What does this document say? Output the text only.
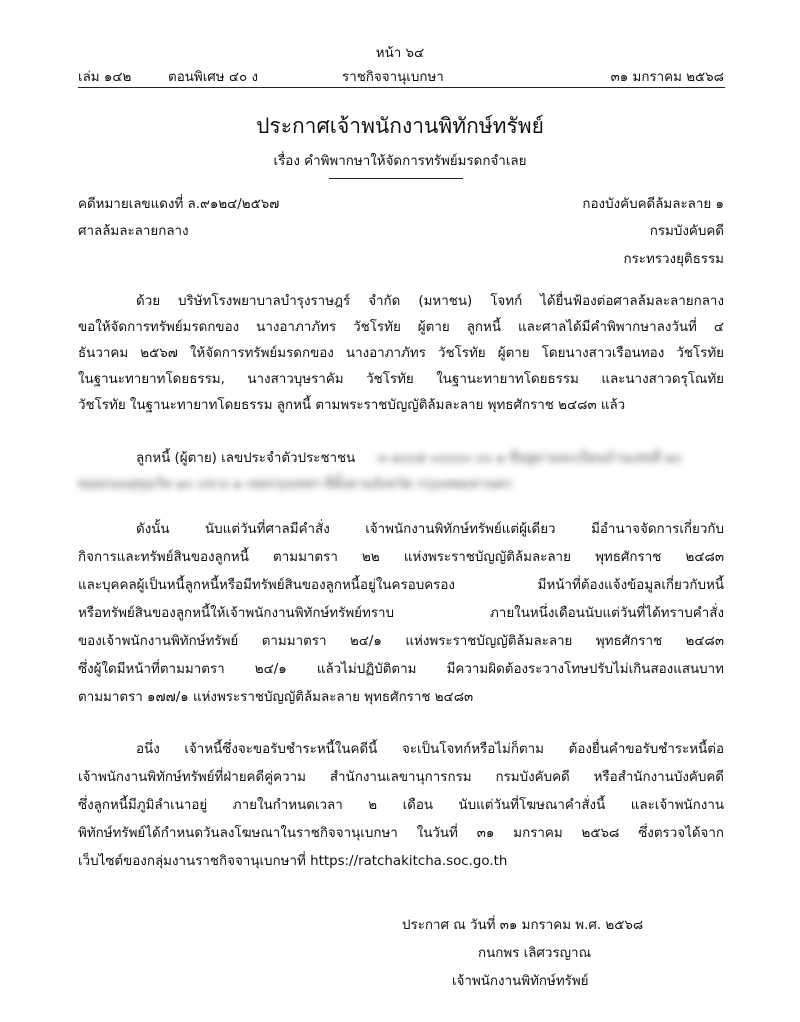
หน้า ๖๔
เล่ม ๑๔๒	ตอนพิเศษ ๔๐ ง	ราชกิจจานุเบกษา	๓๑ มกราคม ๒๕๖๘
ประกาศเจ้าพนักงานพิทักษ์ทรัพย์
เรื่อง คำพิพากษาให้จัดการทรัพย์มรดกจำเลย
คดีหมายเลขแดงที่ ล.๙๑๒๔/๒๕๖๗
ศาลล้มละลายกลาง
กองบังคับคดีล้มละลาย ๑
กรมบังคับคดี
กระทรวงยุติธรรม
ด้วย บริษัทโรงพยาบาลบำรุงราษฎร์ จำกัด (มหาชน) โจทก์ ได้ยื่นฟ้องต่อศาลล้มละลายกลาง
ขอให้จัดการทรัพย์มรดกของ นางอาภาภัทร วัชโรทัย ผู้ตาย ลูกหนี้ และศาลได้มีคำพิพากษาลงวันที่ ๔
ธันวาคม ๒๕๖๗ ให้จัดการทรัพย์มรดกของ นางอาภาภัทร วัชโรทัย ผู้ตาย โดยนางสาวเรือนทอง วัชโรทัย
ในฐานะทายาทโดยธรรม, นางสาวบุษราคัม วัชโรทัย ในฐานะทายาทโดยธรรม และนางสาวดรุโณทัย
วัชโรทัย ในฐานะทายาทโดยธรรม ลูกหนี้ ตามพระราชบัญญัติล้มละลาย พุทธศักราช ๒๔๘๓ แล้ว
ลูกหนี้ (ผู้ตาย) เลขประจำตัวประชาชน ๓ ๑๐๐๕ ๐๐๐๐๐ ๐๐ ๑ ที่อยู่ตามทะเบียนบ้านเลขที่ ๑๐
ซอยถนนสุขุมวิท ๑๐ แขวง ๑ เขตกรุงเทพฯ ที่ตั้งตามจังหวัด กรุงเทพมหานคร
ดังนั้น นับแต่วันที่ศาลมีคำสั่ง เจ้าพนักงานพิทักษ์ทรัพย์แต่ผู้เดียว มีอำนาจจัดการเกี่ยวกับ
กิจการและทรัพย์สินของลูกหนี้ ตามมาตรา ๒๒ แห่งพระราชบัญญัติล้มละลาย พุทธศักราช ๒๔๘๓
และบุคคลผู้เป็นหนี้ลูกหนี้หรือมีทรัพย์สินของลูกหนี้อยู่ในครอบครอง มีหน้าที่ต้องแจ้งข้อมูลเกี่ยวกับหนี้
หรือทรัพย์สินของลูกหนี้ให้เจ้าพนักงานพิทักษ์ทรัพย์ทราบ ภายในหนึ่งเดือนนับแต่วันที่ได้ทราบคำสั่ง
ของเจ้าพนักงานพิทักษ์ทรัพย์ ตามมาตรา ๒๔/๑ แห่งพระราชบัญญัติล้มละลาย พุทธศักราช ๒๔๘๓
ซึ่งผู้ใดมีหน้าที่ตามมาตรา ๒๔/๑ แล้วไม่ปฏิบัติตาม มีความผิดต้องระวางโทษปรับไม่เกินสองแสนบาท
ตามมาตรา ๑๗๗/๑ แห่งพระราชบัญญัติล้มละลาย พุทธศักราช ๒๔๘๓
อนึ่ง เจ้าหนี้ซึ่งจะขอรับชำระหนี้ในคดีนี้ จะเป็นโจทก์หรือไม่ก็ตาม ต้องยื่นคำขอรับชำระหนี้ต่อ
เจ้าพนักงานพิทักษ์ทรัพย์ที่ฝ่ายคดีคู่ความ สำนักงานเลขานุการกรม กรมบังคับคดี หรือสำนักงานบังคับคดี
ซึ่งลูกหนี้มีภูมิลำเนาอยู่ ภายในกำหนดเวลา ๒ เดือน นับแต่วันที่โฆษณาคำสั่งนี้ และเจ้าพนักงาน
พิทักษ์ทรัพย์ได้กำหนดวันลงโฆษณาในราชกิจจานุเบกษา ในวันที่ ๓๑ มกราคม ๒๕๖๘ ซึ่งตรวจได้จาก
เว็บไซต์ของกลุ่มงานราชกิจจานุเบกษาที่ https://ratchakitcha.soc.go.th
ประกาศ ณ วันที่ ๓๑ มกราคม พ.ศ. ๒๕๖๘
กนกพร เลิศวรญาณ
เจ้าพนักงานพิทักษ์ทรัพย์
